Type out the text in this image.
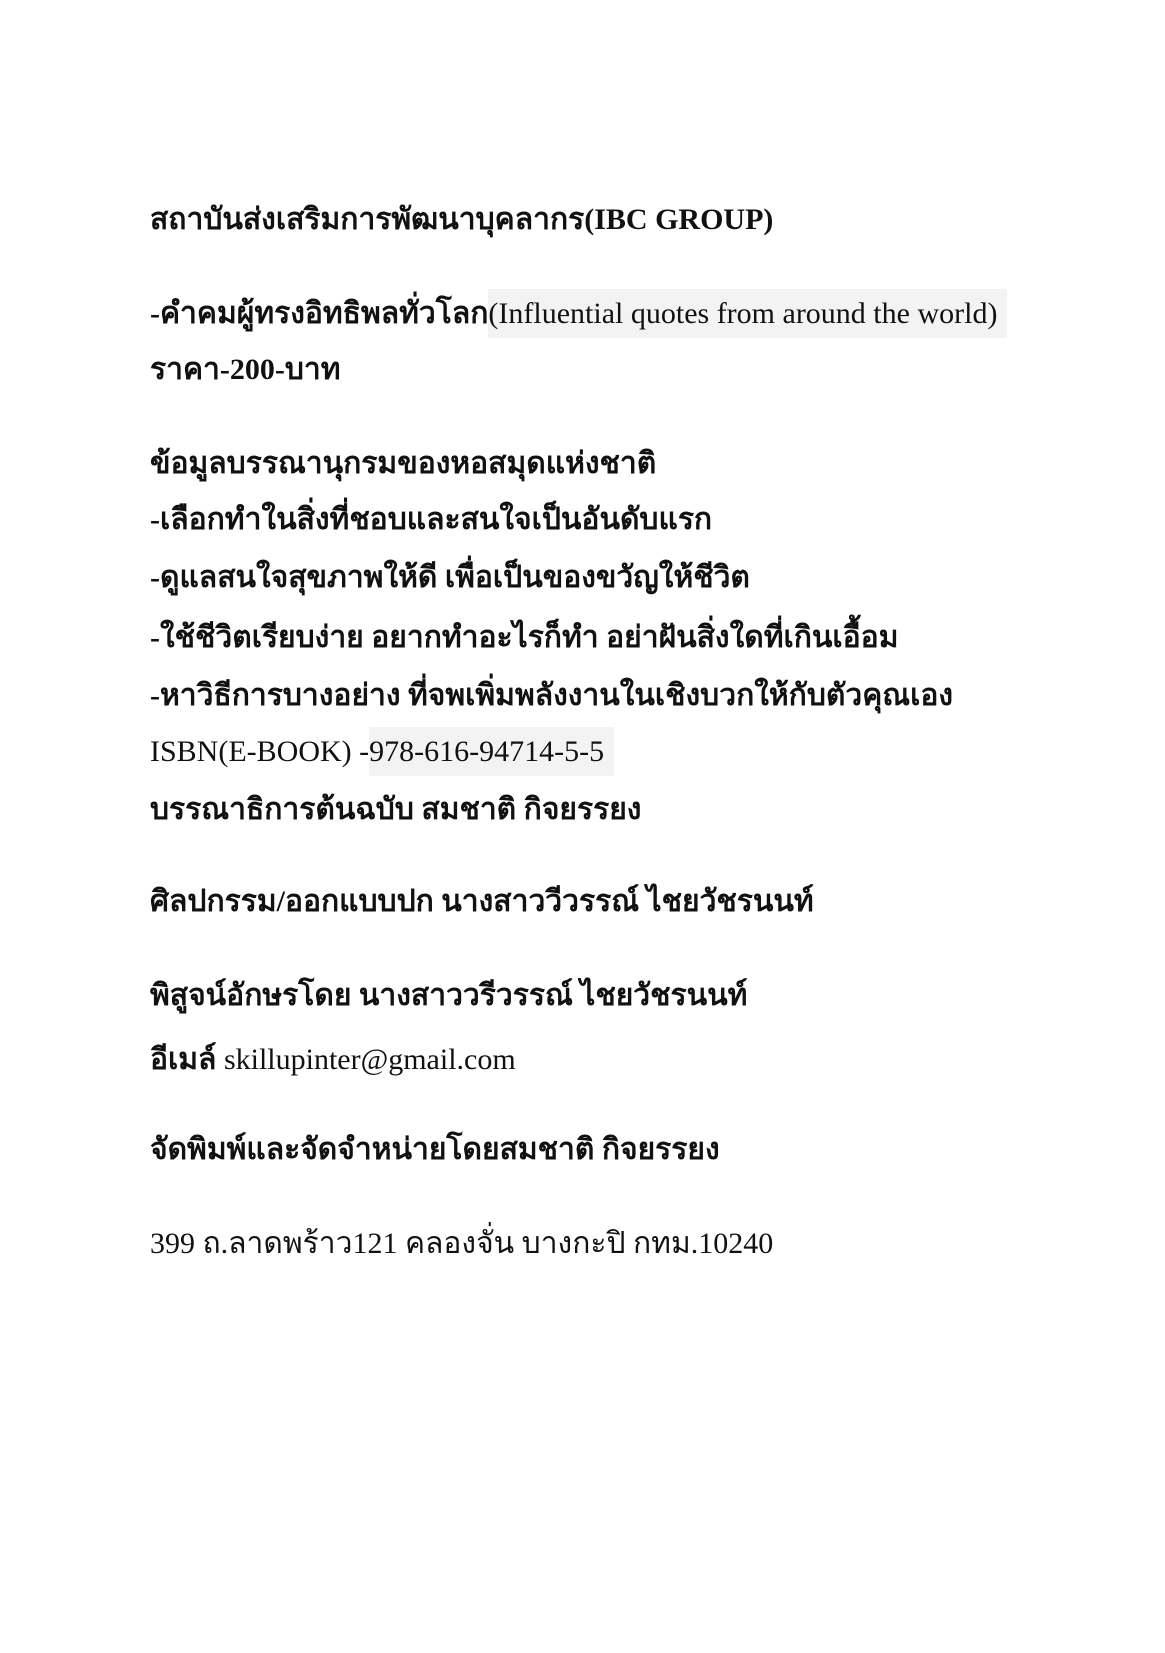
สถาบันส่งเสริมการพัฒนาบุคลากร(IBC GROUP)
-คำคมผู้ทรงอิทธิพลทั่วโลก(Influential quotes from around the world)
ราคา-200-บาท
ข้อมูลบรรณานุกรมของหอสมุดแห่งชาติ
-เลือกทำในสิ่งที่ชอบและสนใจเป็นอันดับแรก
-ดูแลสนใจสุขภาพให้ดี เพื่อเป็นของขวัญให้ชีวิต
-ใช้ชีวิตเรียบง่าย อยากทำอะไรก็ทำ อย่าฝันสิ่งใดที่เกินเอื้อม
-หาวิธีการบางอย่าง ที่จพเพิ่มพลังงานในเชิงบวกให้กับตัวคุณเอง
ISBN(E-BOOK) -978-616-94714-5-5
บรรณาธิการต้นฉบับ สมชาติ กิจยรรยง
ศิลปกรรม/ออกแบบปก นางสาววีวรรณ์ ไชยวัชรนนท์
พิสูจน์อักษรโดย นางสาววรีวรรณ์ ไชยวัชรนนท์
อีเมล์ skillupinter@gmail.com
จัดพิมพ์และจัดจำหน่ายโดยสมชาติ กิจยรรยง
399 ถ.ลาดพร้าว121 คลองจั่น บางกะปิ กทม.10240
